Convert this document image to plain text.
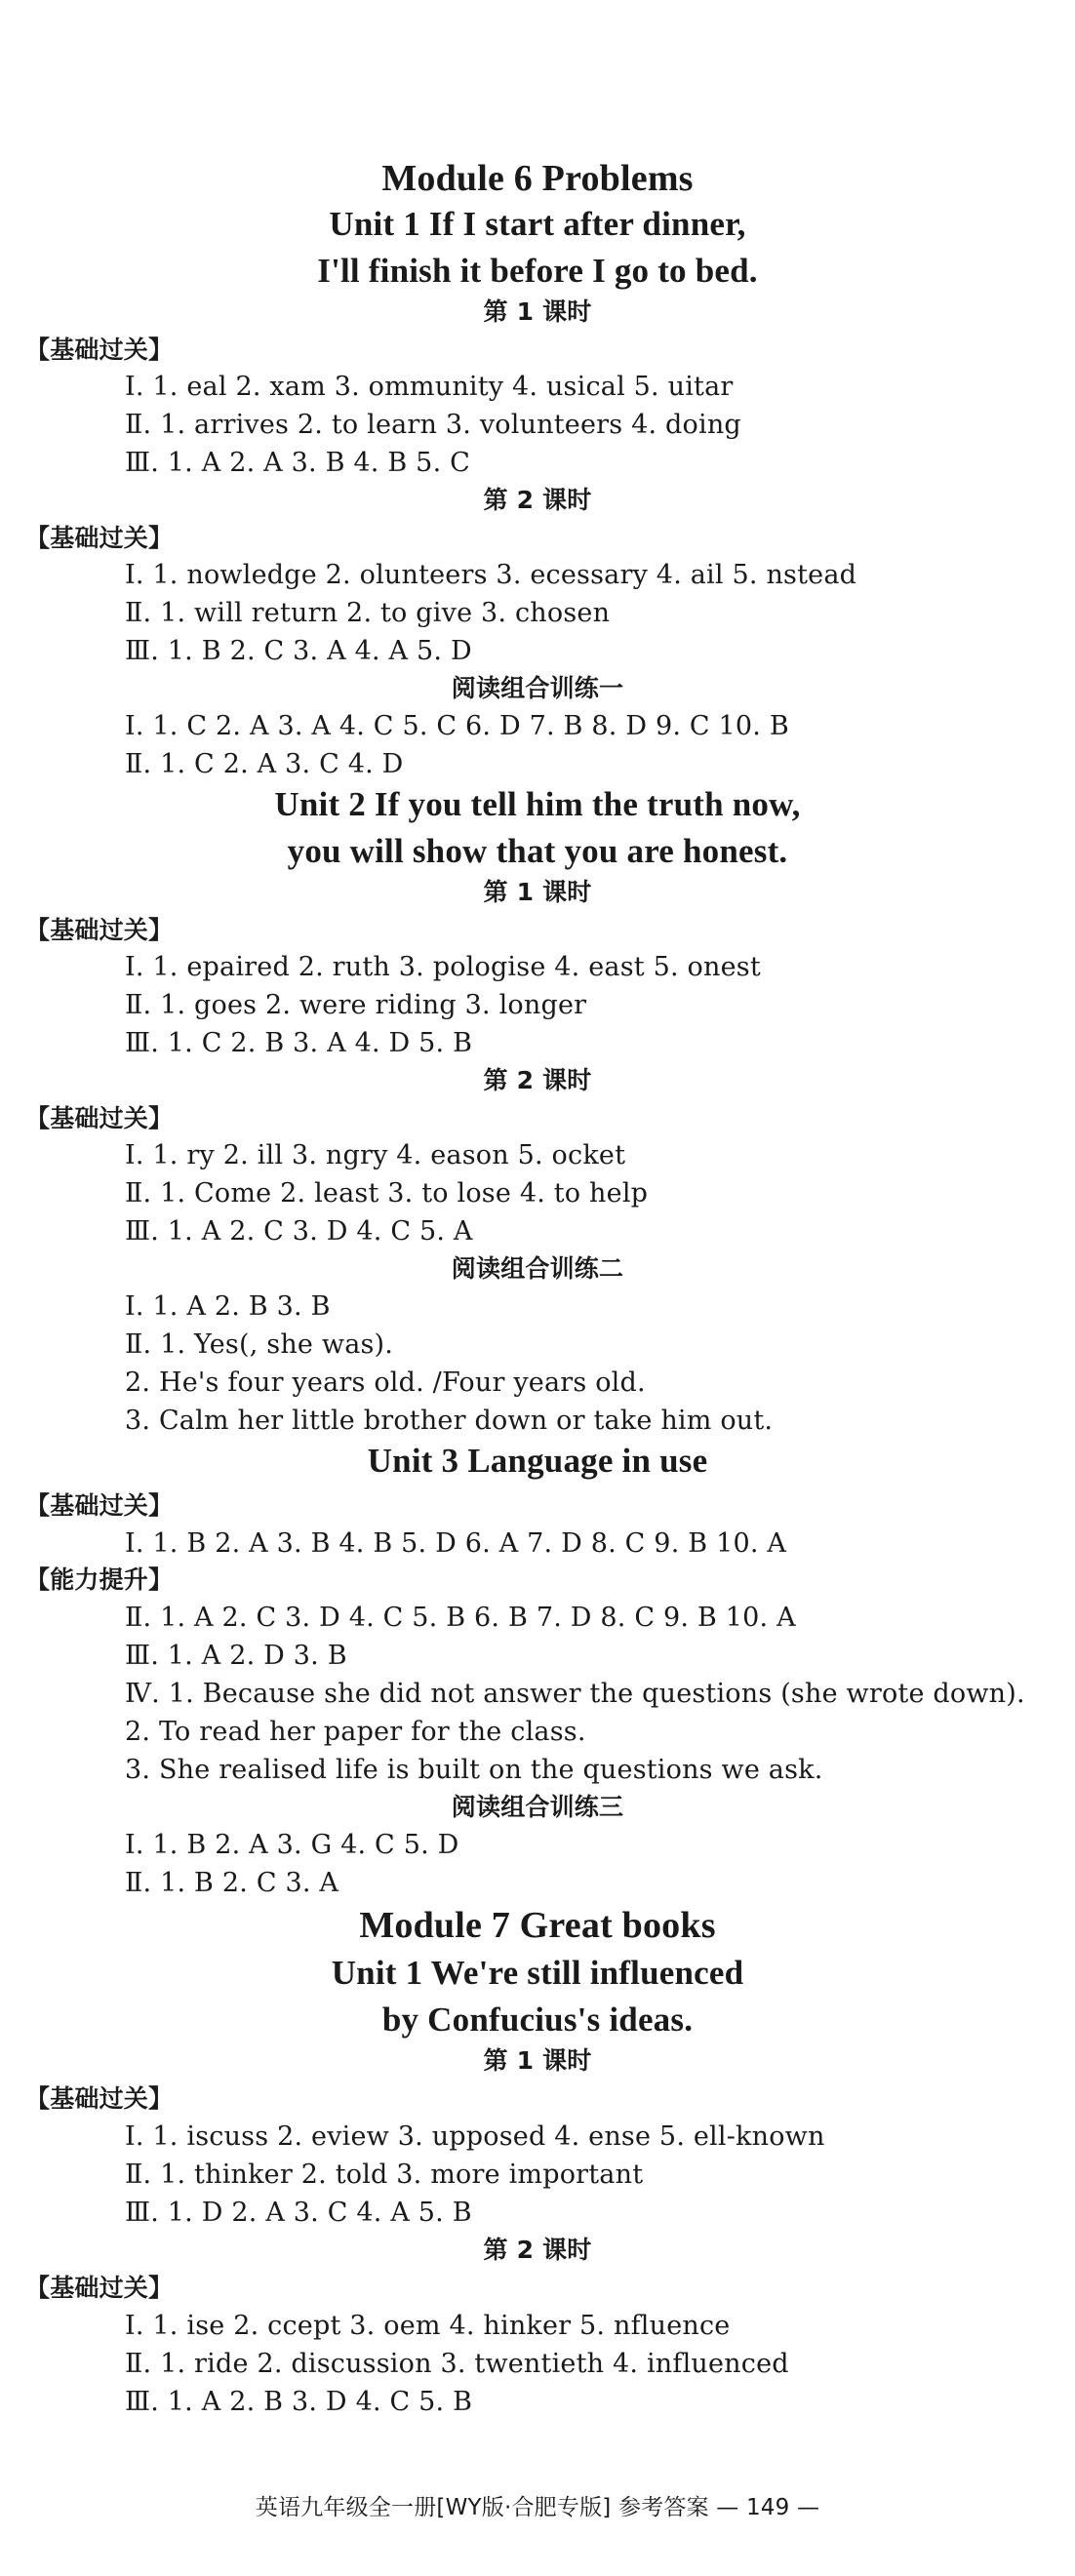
英语九年级全一册[WY版·合肥专版] 参考答案 — 149 —
Module 6 Problems
Unit 1 If I start after dinner,
I'll finish it before I go to bed.
第 1 课时
【基础过关】
Ⅰ. 1. eal 2. xam 3. ommunity 4. usical 5. uitar
Ⅱ. 1. arrives 2. to learn 3. volunteers 4. doing
Ⅲ. 1. A 2. A 3. B 4. B 5. C
第 2 课时
【基础过关】
Ⅰ. 1. nowledge 2. olunteers 3. ecessary 4. ail 5. nstead
Ⅱ. 1. will return 2. to give 3. chosen
Ⅲ. 1. B 2. C 3. A 4. A 5. D
阅读组合训练一
Ⅰ. 1. C 2. A 3. A 4. C 5. C 6. D 7. B 8. D 9. C 10. B
Ⅱ. 1. C 2. A 3. C 4. D
Unit 2 If you tell him the truth now,
you will show that you are honest.
第 1 课时
【基础过关】
Ⅰ. 1. epaired 2. ruth 3. pologise 4. east 5. onest
Ⅱ. 1. goes 2. were riding 3. longer
Ⅲ. 1. C 2. B 3. A 4. D 5. B
第 2 课时
【基础过关】
Ⅰ. 1. ry 2. ill 3. ngry 4. eason 5. ocket
Ⅱ. 1. Come 2. least 3. to lose 4. to help
Ⅲ. 1. A 2. C 3. D 4. C 5. A
阅读组合训练二
Ⅰ. 1. A 2. B 3. B
Ⅱ. 1. Yes(, she was).
2. He's four years old. /Four years old.
3. Calm her little brother down or take him out.
Unit 3 Language in use
【基础过关】
Ⅰ. 1. B 2. A 3. B 4. B 5. D 6. A 7. D 8. C 9. B 10. A
【能力提升】
Ⅱ. 1. A 2. C 3. D 4. C 5. B 6. B 7. D 8. C 9. B 10. A
Ⅲ. 1. A 2. D 3. B
Ⅳ. 1. Because she did not answer the questions (she wrote down).
2. To read her paper for the class.
3. She realised life is built on the questions we ask.
阅读组合训练三
Ⅰ. 1. B 2. A 3. G 4. C 5. D
Ⅱ. 1. B 2. C 3. A
Module 7 Great books
Unit 1 We're still influenced
by Confucius's ideas.
第 1 课时
【基础过关】
Ⅰ. 1. iscuss 2. eview 3. upposed 4. ense 5. ell-known
Ⅱ. 1. thinker 2. told 3. more important
Ⅲ. 1. D 2. A 3. C 4. A 5. B
第 2 课时
【基础过关】
Ⅰ. 1. ise 2. ccept 3. oem 4. hinker 5. nfluence
Ⅱ. 1. ride 2. discussion 3. twentieth 4. influenced
Ⅲ. 1. A 2. B 3. D 4. C 5. B
